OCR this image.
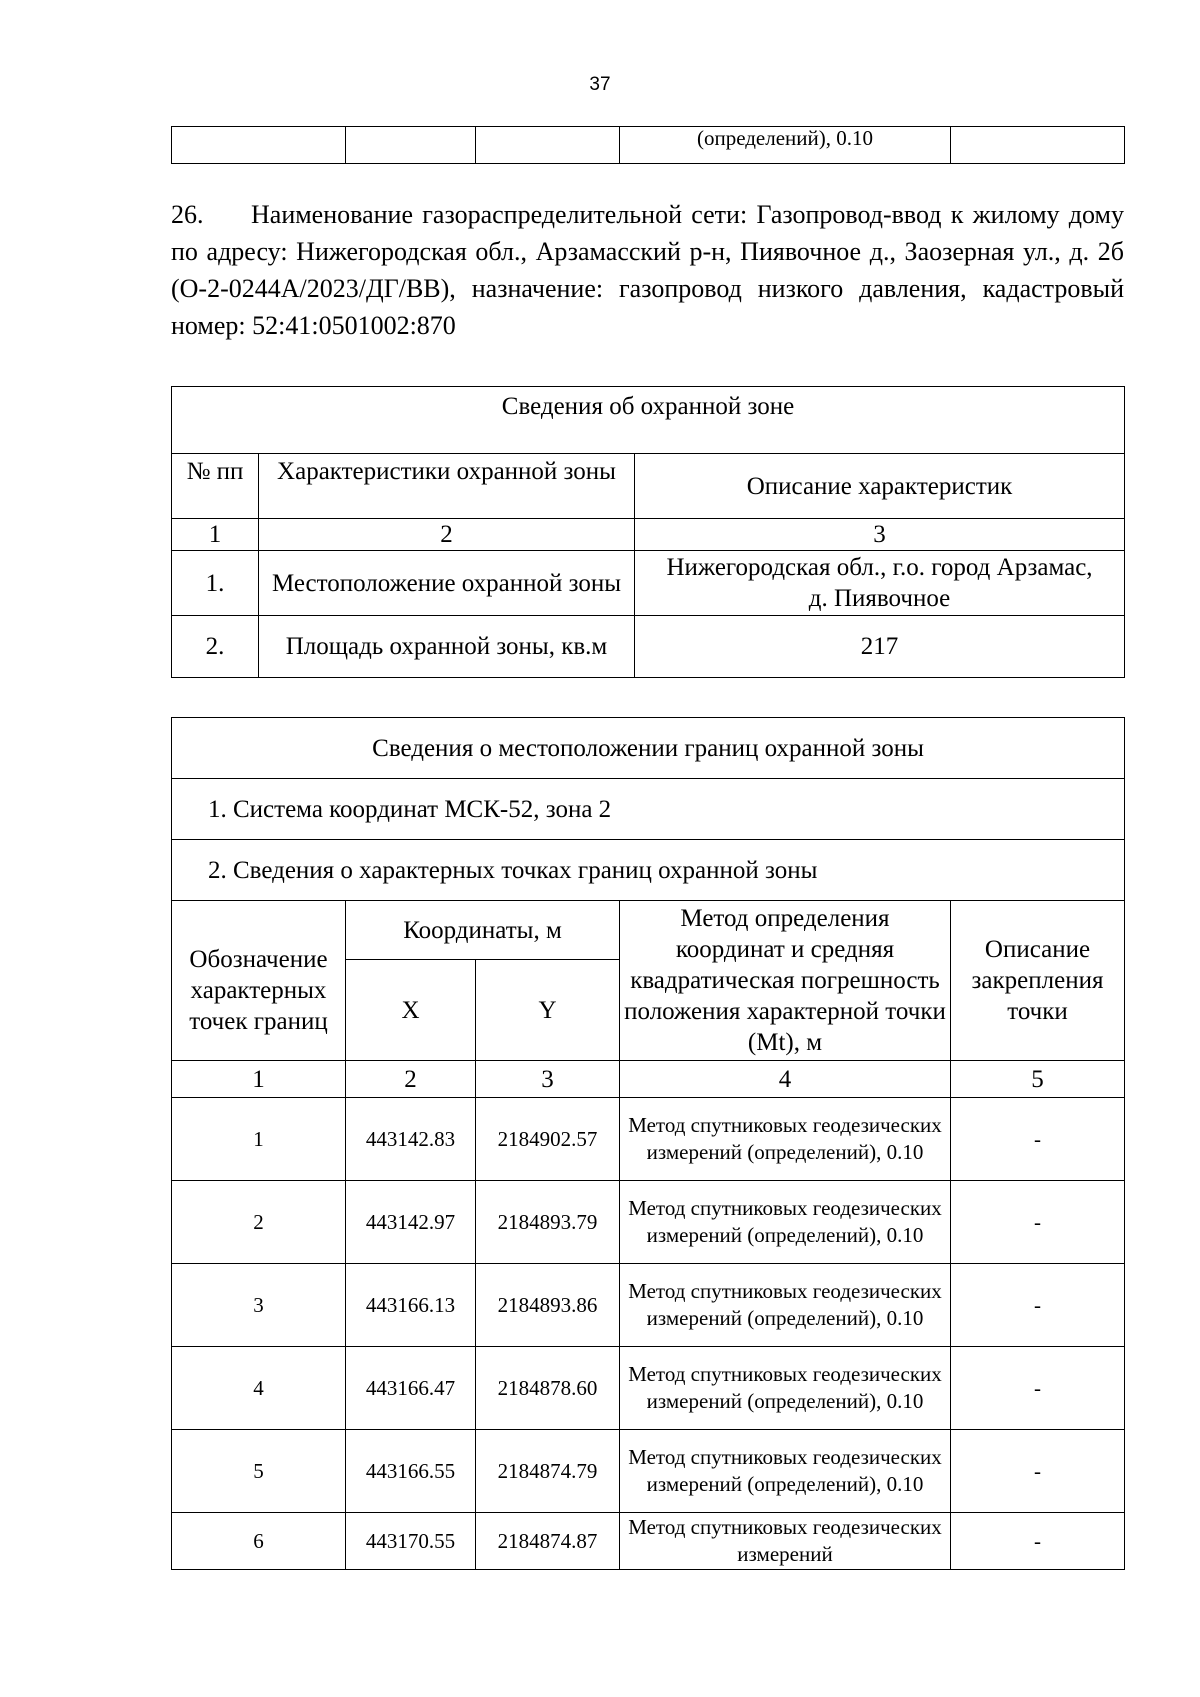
37
			(определений), 0.10	
26. Наименование газораспределительной сети: Газопровод-ввод к жилому дому по адресу: Нижегородская обл., Арзамасский р-н, Пиявочное д., Заозерная ул., д. 2б (О-2-0244А/2023/ДГ/ВВ), назначение: газопровод низкого давления, кадастровый номер: 52:41:0501002:870
Сведения об охранной зоне		
№ пп	Характеристики охранной зоны	Описание характеристик
1	2	3
1.	Местоположение охранной зоны	Нижегородская обл., г.о. город Арзамас, д. Пиявочное
2.	Площадь охранной зоны, кв.м	217
Сведения о местоположении границ охранной зоны				
1. Система координат МСК-52, зона 2				
2. Сведения о характерных точках границ охранной зоны				
Обозначение характерных точек границ	Координаты, м		Метод определения координат и средняя квадратическая погрешность положения характерной точки (Mt), м	Описание закрепления точки
	X	Y		
1	2	3	4	5
1	443142.83	2184902.57	Метод спутниковых геодезических измерений (определений), 0.10	-
2	443142.97	2184893.79	Метод спутниковых геодезических измерений (определений), 0.10	-
3	443166.13	2184893.86	Метод спутниковых геодезических измерений (определений), 0.10	-
4	443166.47	2184878.60	Метод спутниковых геодезических измерений (определений), 0.10	-
5	443166.55	2184874.79	Метод спутниковых геодезических измерений (определений), 0.10	-
6	443170.55	2184874.87	Метод спутниковых геодезических измерений	-
